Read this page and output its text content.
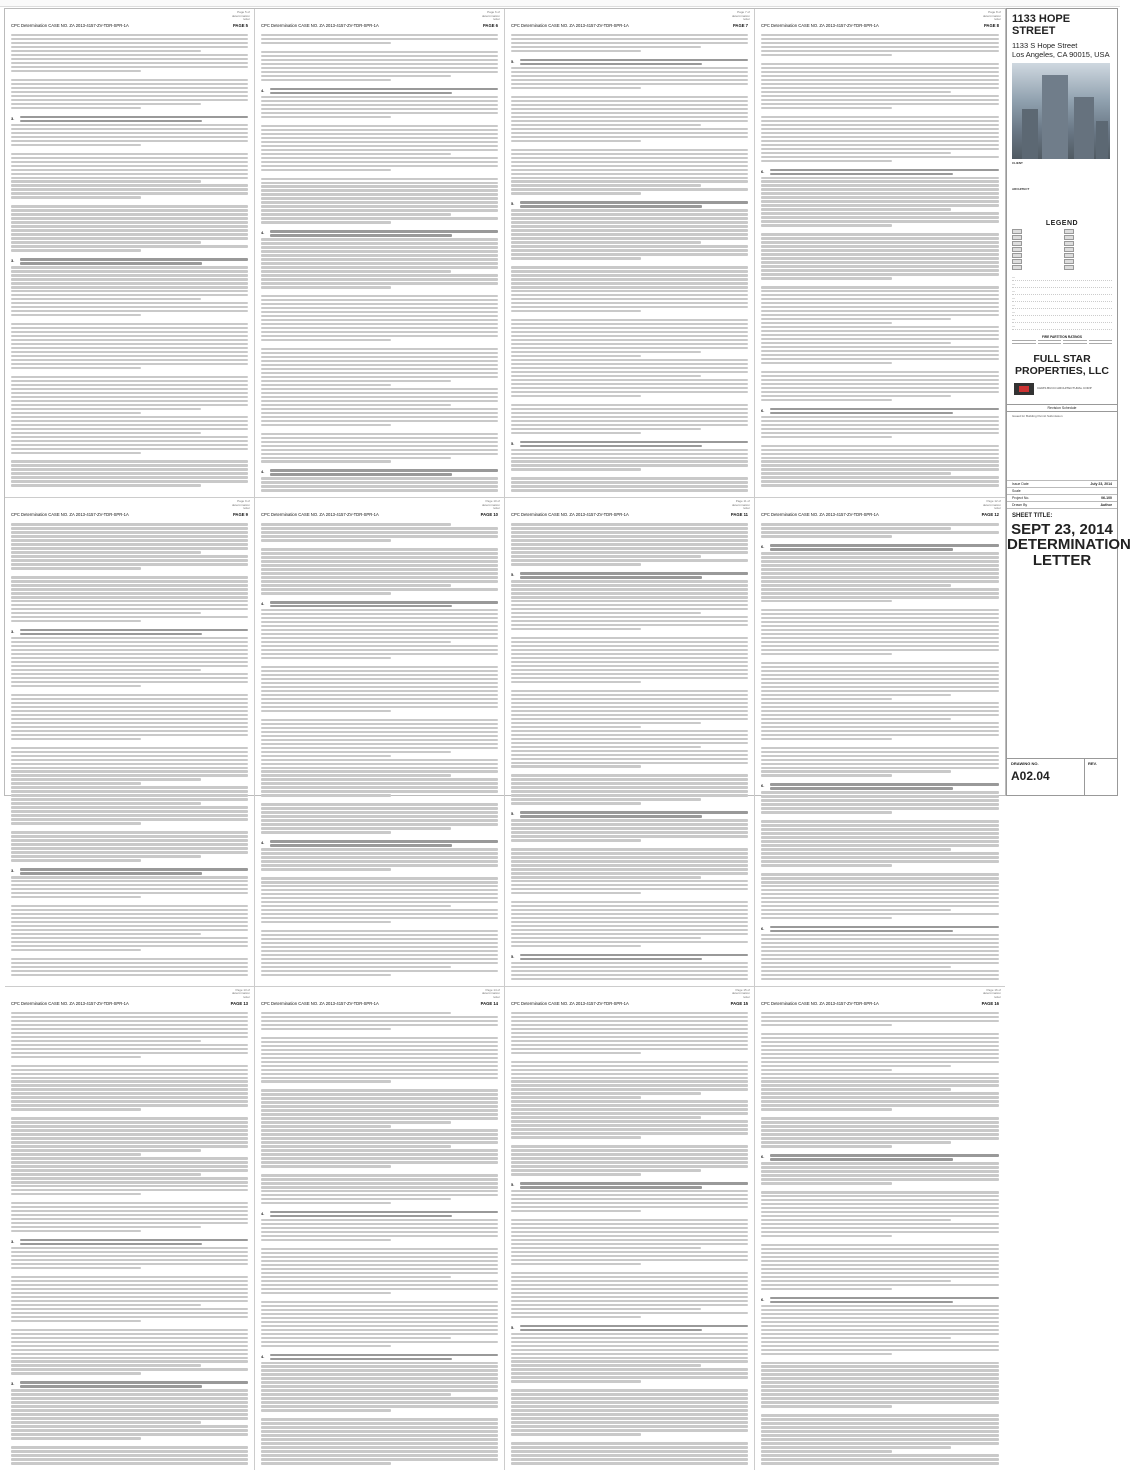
Page 5 of determination letter
CPC Determination CASE NO. ZA 2013-4157-ZV-TDR-SPR-1A	PAGE 5
3.
3.
Page 6 of determination letter
CPC Determination CASE NO. ZA 2013-4157-ZV-TDR-SPR-1A	PAGE 6
4.
4.
4.
Page 7 of determination letter
CPC Determination CASE NO. ZA 2013-4157-ZV-TDR-SPR-1A	PAGE 7
5.
5.
5.
Page 8 of determination letter
CPC Determination CASE NO. ZA 2013-4157-ZV-TDR-SPR-1A	PAGE 8
6.
6.
Page 9 of determination letter
CPC Determination CASE NO. ZA 2013-4157-ZV-TDR-SPR-1A	PAGE 9
3.
3.
Page 10 of determination letter
CPC Determination CASE NO. ZA 2013-4157-ZV-TDR-SPR-1A	PAGE 10
4.
4.
Page 11 of determination letter
CPC Determination CASE NO. ZA 2013-4157-ZV-TDR-SPR-1A	PAGE 11
5.
5.
5.
Page 12 of determination letter
CPC Determination CASE NO. ZA 2013-4157-ZV-TDR-SPR-1A	PAGE 12
6.
6.
6.
Page 13 of determination letter
CPC Determination CASE NO. ZA 2013-4157-ZV-TDR-SPR-1A	PAGE 13
3.
3.
Page 14 of determination letter
CPC Determination CASE NO. ZA 2013-4157-ZV-TDR-SPR-1A	PAGE 14
4.
4.
Page 15 of determination letter
CPC Determination CASE NO. ZA 2013-4157-ZV-TDR-SPR-1A	PAGE 15
5.
5.
Page 16 of determination letter
CPC Determination CASE NO. ZA 2013-4157-ZV-TDR-SPR-1A	PAGE 16
6.
6.
1133 HOPE STREET
1133 S Hope Street
Los Angeles, CA 90015, USA
CLIENT
ARCHITECT
LEGEND
—
—
—
—
—
—
—
—
FIRE PARTITION RATINGS
FULL STAR PROPERTIES, LLC
CHRIS BUCCI ARCHITECTURAL CORP
Revision Schedule
Issued for Building Permit Submission
Issue Date	July 23, 2014
Scale
Project No.	06-100
Drawn By	Author
SHEET TITLE:
SEPT 23, 2014 DETERMINATION LETTER
DRAWING NO.
A02.04
REV.
